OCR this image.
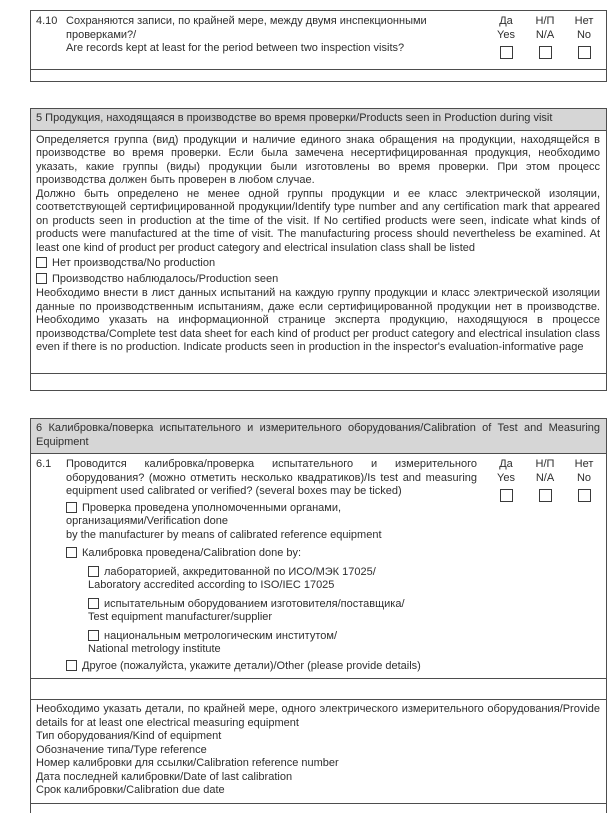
4.10 Сохраняются записи, по крайней мере, между двумя инспекционными проверками?/
Are records kept at least for the period between two inspection visits?
Да
Yes
Н/П
N/A
Нет
No
5 Продукция, находящаяся в производстве во время проверки/Products seen in Production during visit

Определяется группа (вид) продукции и наличие единого знака обращения на продукции, находящейся в производстве во время проверки. Если была замечена несертифицированная продукция, необходимо указать, какие группы (виды) продукции были изготовлены во время проверки. При этом процесс производства должен быть проверен в любом случае.

Должно быть определено не менее одной группы продукции и ее класс электрической изоляции, соответствующей сертифицированной продукции/Identify type number and any certification mark that appeared on products seen in production at the time of the visit. If No certified products were seen, indicate what kinds of products were manufactured at the time of visit. The manufacturing process should nevertheless be examined. At least one kind of product per product category and electrical insulation class shall be listed

Нет производства/No production
Производство наблюдалось/Production seen

Необходимо внести в лист данных испытаний на каждую группу продукции и класс электрической изоляции данные по производственным испытаниям, даже если сертифицированной продукции нет в производстве. Необходимо указать на информационной странице эксперта продукцию, находящуюся в процессе производства/Complete test data sheet for each kind of product per product category and electrical insulation class even if there is no production. Indicate products seen in production in the inspector's evaluation-informative page

6 Калибровка/поверка испытательного и измерительного оборудования/Calibration of Test and Measuring Equipment
6.1	Проводится калибровка/проверка испытательного и измерительного оборудования? (можно отметить несколько квадратиков)/Is test and measuring equipment used calibrated or verified? (several boxes may be ticked)
Проверка проведена уполномоченными органами, организациями/Verification done
by the manufacturer by means of calibrated reference equipment
Калибровка проведена/Calibration done by:
лабораторией, аккредитованной по ИСО/МЭК 17025/
Laboratory accredited according to ISO/IEC 17025
испытательным оборудованием изготовителя/поставщика/
Test equipment manufacturer/supplier
национальным метрологическим институтом/
National metrology institute
Другое (пожалуйста, укажите детали)/Other (please provide details)
Да
Yes
Н/П
N/A
Нет
No

Необходимо указать детали, по крайней мере, одного электрического измерительного оборудования/Provide details for at least one electrical measuring equipment

Тип оборудования/Kind of equipment
Обозначение типа/Type reference
Номер калибровки для ссылки/Calibration reference number
Дата последней калибровки/Date of last calibration
Срок калибровки/Calibration due date
